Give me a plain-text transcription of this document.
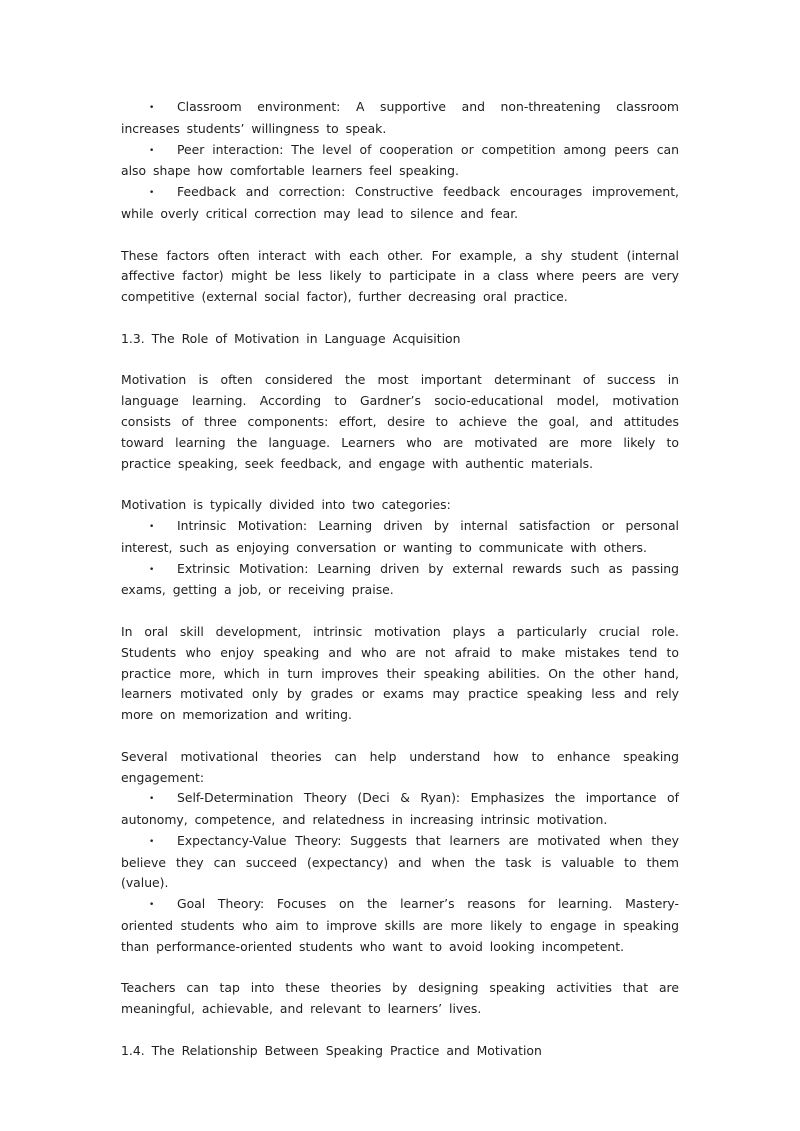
• Classroom environment: A supportive and non-threatening classroom increases students’ willingness to speak.

• Peer interaction: The level of cooperation or competition among peers can also shape how comfortable learners feel speaking.

• Feedback and correction: Constructive feedback encourages improvement, while overly critical correction may lead to silence and fear.

These factors often interact with each other. For example, a shy student (internal affective factor) might be less likely to participate in a class where peers are very competitive (external social factor), further decreasing oral practice.

1.3. The Role of Motivation in Language Acquisition

Motivation is often considered the most important determinant of success in language learning. According to Gardner’s socio-educational model, motivation consists of three components: effort, desire to achieve the goal, and attitudes toward learning the language. Learners who are motivated are more likely to practice speaking, seek feedback, and engage with authentic materials.

Motivation is typically divided into two categories:

• Intrinsic Motivation: Learning driven by internal satisfaction or personal interest, such as enjoying conversation or wanting to communicate with others.

• Extrinsic Motivation: Learning driven by external rewards such as passing exams, getting a job, or receiving praise.

In oral skill development, intrinsic motivation plays a particularly crucial role. Students who enjoy speaking and who are not afraid to make mistakes tend to practice more, which in turn improves their speaking abilities. On the other hand, learners motivated only by grades or exams may practice speaking less and rely more on memorization and writing.

Several motivational theories can help understand how to enhance speaking engagement:

• Self-Determination Theory (Deci & Ryan): Emphasizes the importance of autonomy, competence, and relatedness in increasing intrinsic motivation.

• Expectancy-Value Theory: Suggests that learners are motivated when they believe they can succeed (expectancy) and when the task is valuable to them (value).

• Goal Theory: Focuses on the learner’s reasons for learning. Mastery-oriented students who aim to improve skills are more likely to engage in speaking than performance-oriented students who want to avoid looking incompetent.

Teachers can tap into these theories by designing speaking activities that are meaningful, achievable, and relevant to learners’ lives.

1.4. The Relationship Between Speaking Practice and Motivation
